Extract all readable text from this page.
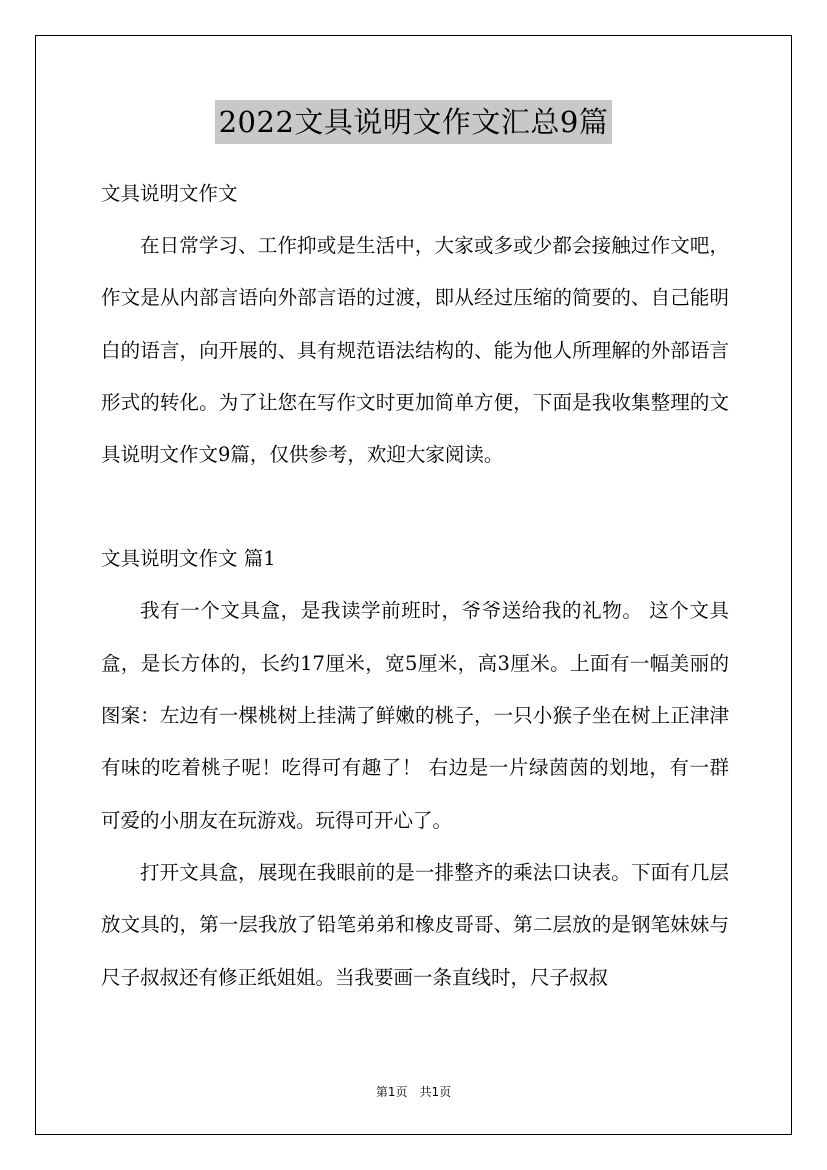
2022文具说明文作文汇总9篇

文具说明文作文

在日常学习、工作抑或是生活中，大家或多或少都会接触过作文吧，作文是从内部言语向外部言语的过渡，即从经过压缩的简要的、自己能明白的语言，向开展的、具有规范语法结构的、能为他人所理解的外部语言形式的转化。为了让您在写作文时更加简单方便，下面是我收集整理的文具说明文作文9篇，仅供参考，欢迎大家阅读。

文具说明文作文 篇1

我有一个文具盒，是我读学前班时，爷爷送给我的礼物。 这个文具盒，是长方体的，长约17厘米，宽5厘米，高3厘米。上面有一幅美丽的图案：左边有一棵桃树上挂满了鲜嫩的桃子，一只小猴子坐在树上正津津有味的吃着桃子呢！吃得可有趣了！ 右边是一片绿茵茵的划地，有一群可爱的小朋友在玩游戏。玩得可开心了。

打开文具盒，展现在我眼前的是一排整齐的乘法口诀表。下面有几层放文具的，第一层我放了铅笔弟弟和橡皮哥哥、第二层放的是钢笔妹妹与尺子叔叔还有修正纸姐姐。当我要画一条直线时，尺子叔叔

第1页　共1页
